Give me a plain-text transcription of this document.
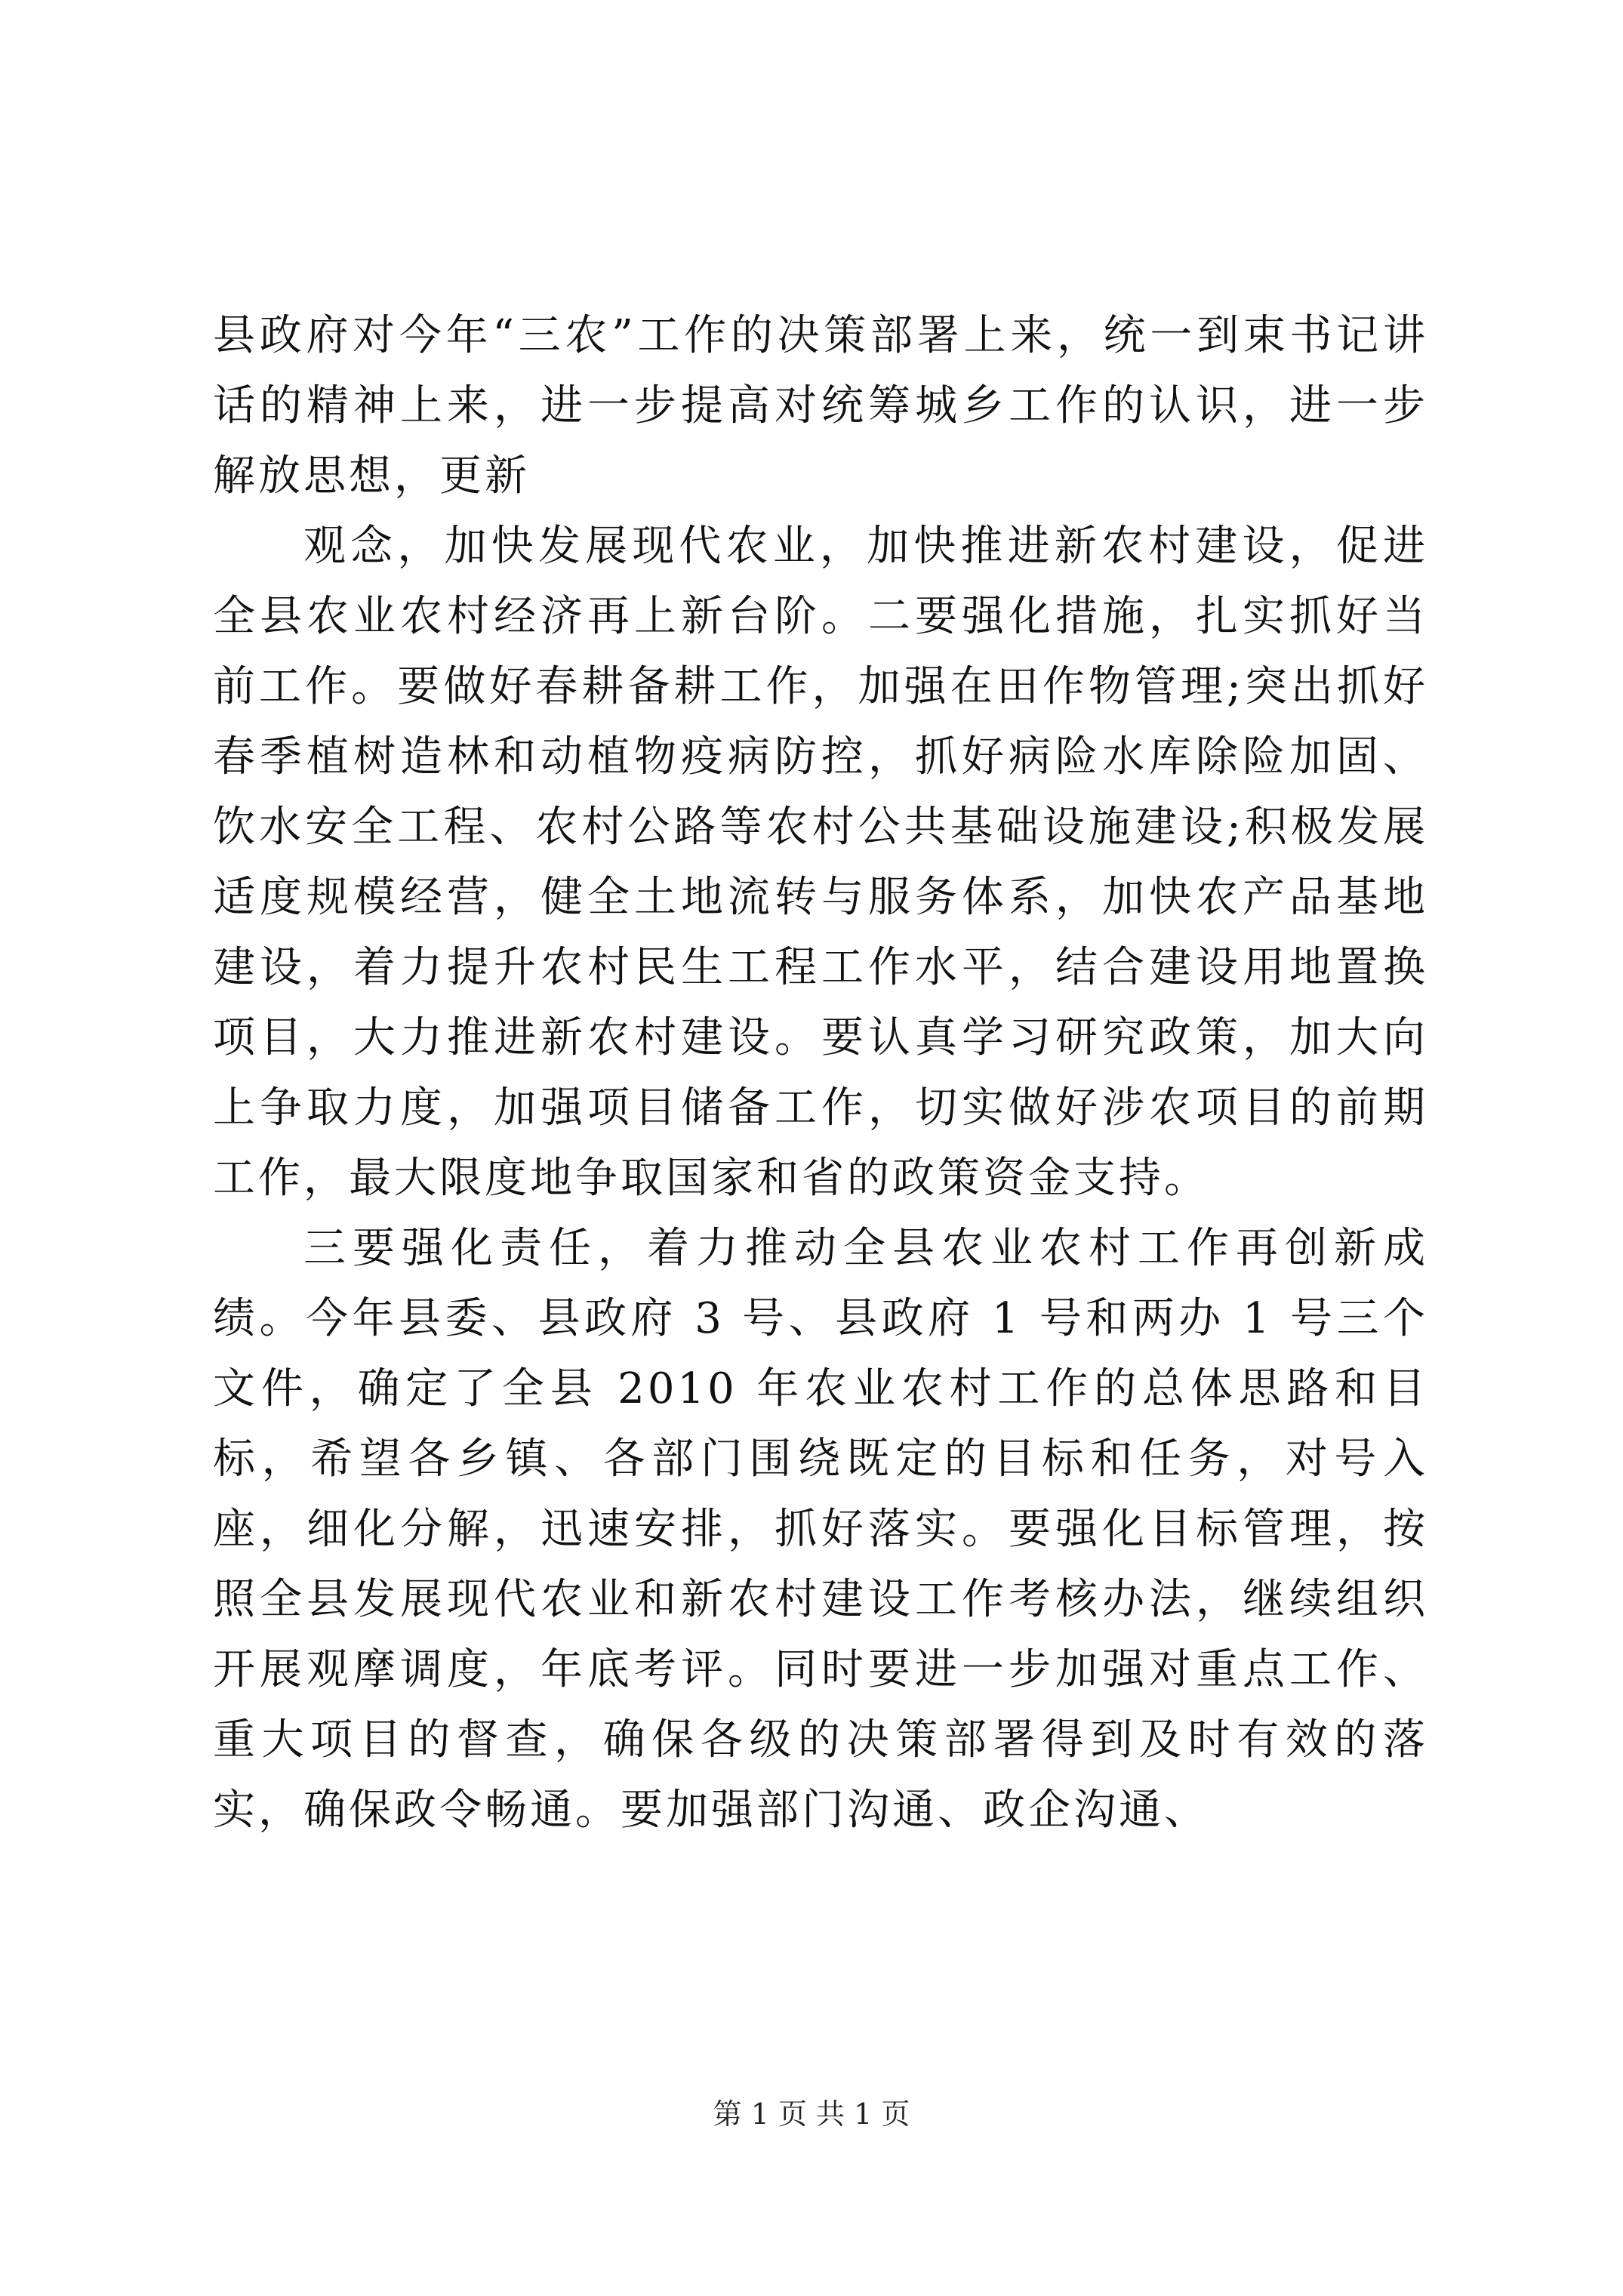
县政府对今年“三农”工作的决策部署上来，统一到束书记讲话的精神上来，进一步提高对统筹城乡工作的认识，进一步解放思想，更新

观念，加快发展现代农业，加快推进新农村建设，促进全县农业农村经济再上新台阶。二要强化措施，扎实抓好当前工作。要做好春耕备耕工作，加强在田作物管理;突出抓好春季植树造林和动植物疫病防控，抓好病险水库除险加固、饮水安全工程、农村公路等农村公共基础设施建设;积极发展适度规模经营，健全土地流转与服务体系，加快农产品基地建设，着力提升农村民生工程工作水平，结合建设用地置换项目，大力推进新农村建设。要认真学习研究政策，加大向上争取力度，加强项目储备工作，切实做好涉农项目的前期工作，最大限度地争取国家和省的政策资金支持。

三要强化责任，着力推动全县农业农村工作再创新成绩。今年县委、县政府 3 号、县政府 1 号和两办 1 号三个文件，确定了全县 2010 年农业农村工作的总体思路和目标，希望各乡镇、各部门围绕既定的目标和任务，对号入座，细化分解，迅速安排，抓好落实。要强化目标管理，按照全县发展现代农业和新农村建设工作考核办法，继续组织开展观摩调度，年底考评。同时要进一步加强对重点工作、重大项目的督查，确保各级的决策部署得到及时有效的落实，确保政令畅通。要加强部门沟通、政企沟通、

第 1 页 共 1 页
